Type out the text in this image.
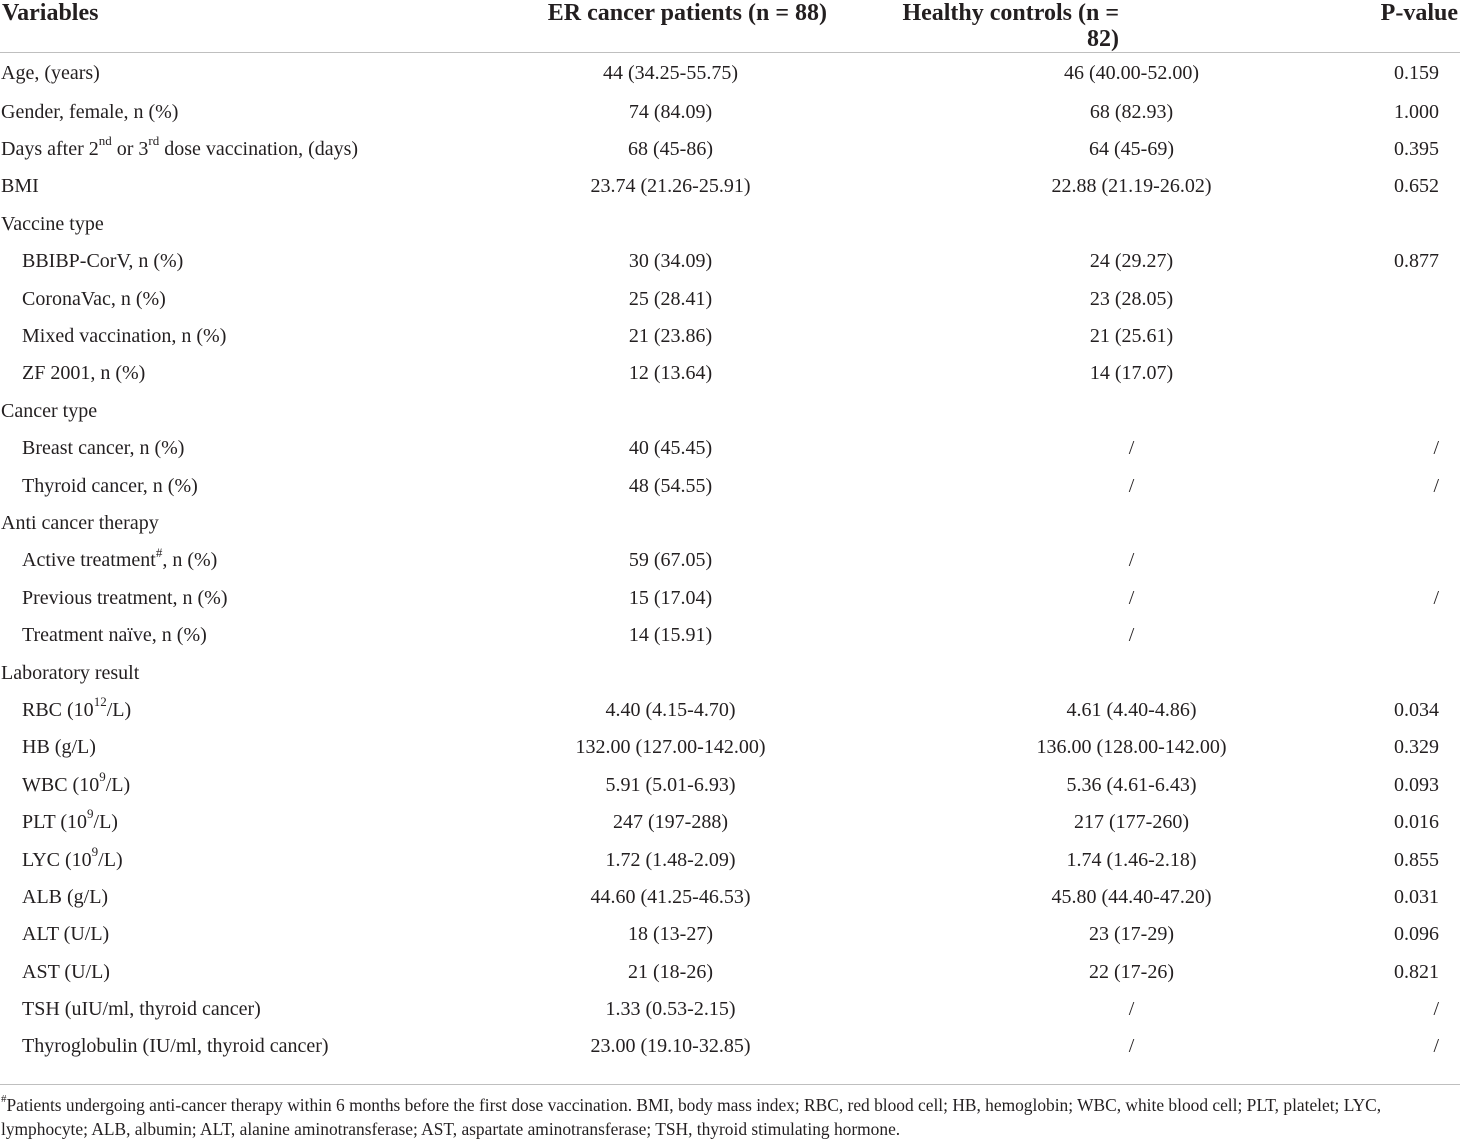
Variables	ER cancer patients (n = 88)	Healthy controls (n = 82)	P-value
Age, (years)	44 (34.25-55.75)	46 (40.00-52.00)	0.159
Gender, female, n (%)	74 (84.09)	68 (82.93)	1.000
Days after 2nd or 3rd dose vaccination, (days)	68 (45-86)	64 (45-69)	0.395
BMI	23.74 (21.26-25.91)	22.88 (21.19-26.02)	0.652
Vaccine type			
BBIBP-CorV, n (%)	30 (34.09)	24 (29.27)	0.877
CoronaVac, n (%)	25 (28.41)	23 (28.05)	
Mixed vaccination, n (%)	21 (23.86)	21 (25.61)	
ZF 2001, n (%)	12 (13.64)	14 (17.07)	
Cancer type			
Breast cancer, n (%)	40 (45.45)	/	/
Thyroid cancer, n (%)	48 (54.55)	/	/
Anti cancer therapy			
Active treatment#, n (%)	59 (67.05)	/	
Previous treatment, n (%)	15 (17.04)	/	/
Treatment naïve, n (%)	14 (15.91)	/	
Laboratory result			
RBC $(10^{12}/L)$	4.40 (4.15-4.70)	4.61 (4.40-4.86)	0.034
HB (g/L)	132.00 (127.00-142.00)	136.00 (128.00-142.00)	0.329
WBC $(10^9/L)$	5.91 (5.01-6.93)	5.36 (4.61-6.43)	0.093
PLT $(10^9/L)$	247 (197-288)	217 (177-260)	0.016
LYC $(10^9/L)$	1.72 (1.48-2.09)	1.74 (1.46-2.18)	0.855
ALB (g/L)	44.60 (41.25-46.53)	45.80 (44.40-47.20)	0.031
ALT (U/L)	18 (13-27)	23 (17-29)	0.096
AST (U/L)	21 (18-26)	22 (17-26)	0.821
TSH (uIU/ml, thyroid cancer)	1.33 (0.53-2.15)	/	/
Thyroglobulin (IU/ml, thyroid cancer)	23.00 (19.10-32.85)	/	/
#Patients undergoing anti-cancer therapy within 6 months before the first dose vaccination. BMI, body mass index; RBC, red blood cell; HB, hemoglobin; WBC, white blood cell; PLT, platelet; LYC, lymphocyte; ALB, albumin; ALT, alanine aminotransferase; AST, aspartate aminotransferase; TSH, thyroid stimulating hormone.
